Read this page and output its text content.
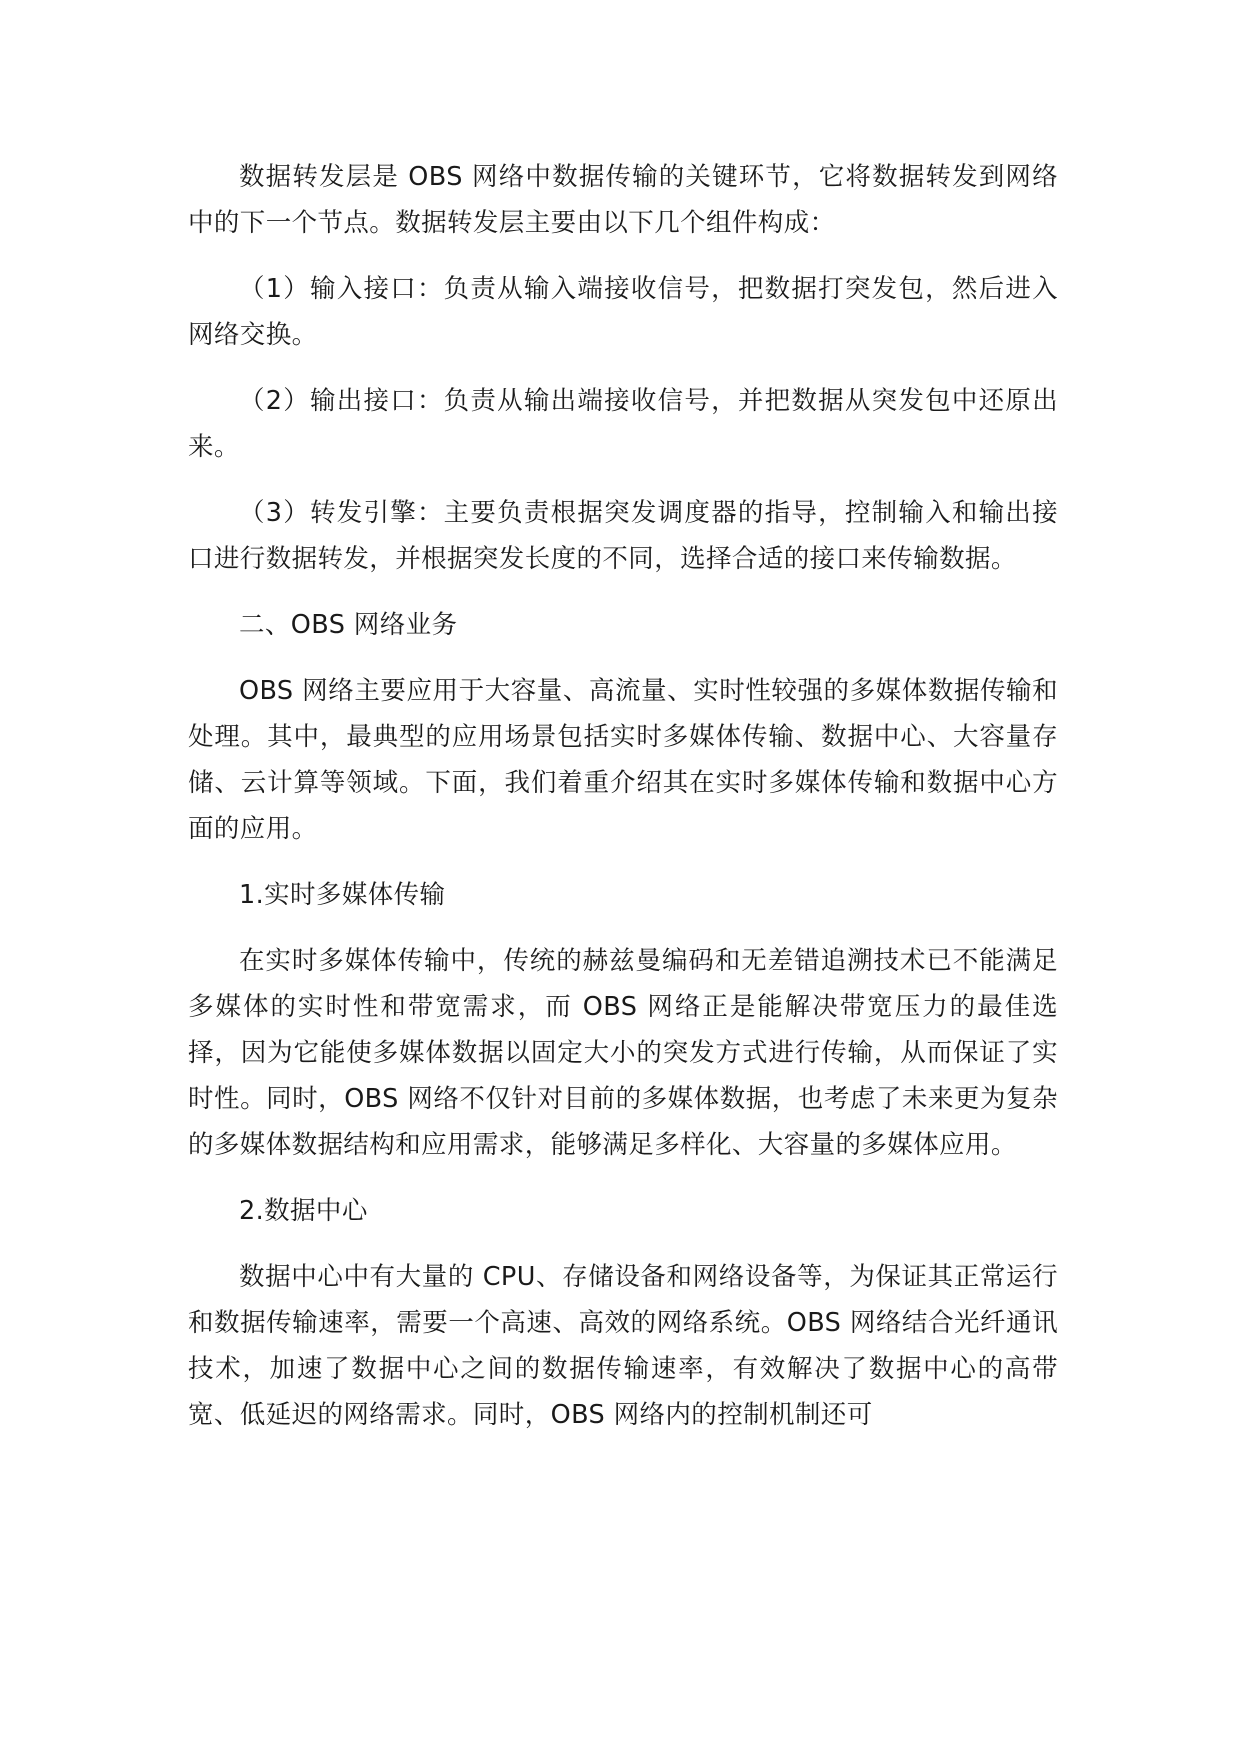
数据转发层是 OBS 网络中数据传输的关键环节，它将数据转发到网络中的下一个节点。数据转发层主要由以下几个组件构成：

（1）输入接口：负责从输入端接收信号，把数据打突发包，然后进入网络交换。

（2）输出接口：负责从输出端接收信号，并把数据从突发包中还原出来。

（3）转发引擎：主要负责根据突发调度器的指导，控制输入和输出接口进行数据转发，并根据突发长度的不同，选择合适的接口来传输数据。

二、OBS 网络业务

OBS 网络主要应用于大容量、高流量、实时性较强的多媒体数据传输和处理。其中，最典型的应用场景包括实时多媒体传输、数据中心、大容量存储、云计算等领域。下面，我们着重介绍其在实时多媒体传输和数据中心方面的应用。

1.实时多媒体传输

在实时多媒体传输中，传统的赫兹曼编码和无差错追溯技术已不能满足多媒体的实时性和带宽需求，而 OBS 网络正是能解决带宽压力的最佳选择，因为它能使多媒体数据以固定大小的突发方式进行传输，从而保证了实时性。同时，OBS 网络不仅针对目前的多媒体数据，也考虑了未来更为复杂的多媒体数据结构和应用需求，能够满足多样化、大容量的多媒体应用。

2.数据中心

数据中心中有大量的 CPU、存储设备和网络设备等，为保证其正常运行和数据传输速率，需要一个高速、高效的网络系统。OBS 网络结合光纤通讯技术，加速了数据中心之间的数据传输速率，有效解决了数据中心的高带宽、低延迟的网络需求。同时，OBS 网络内的控制机制还可
